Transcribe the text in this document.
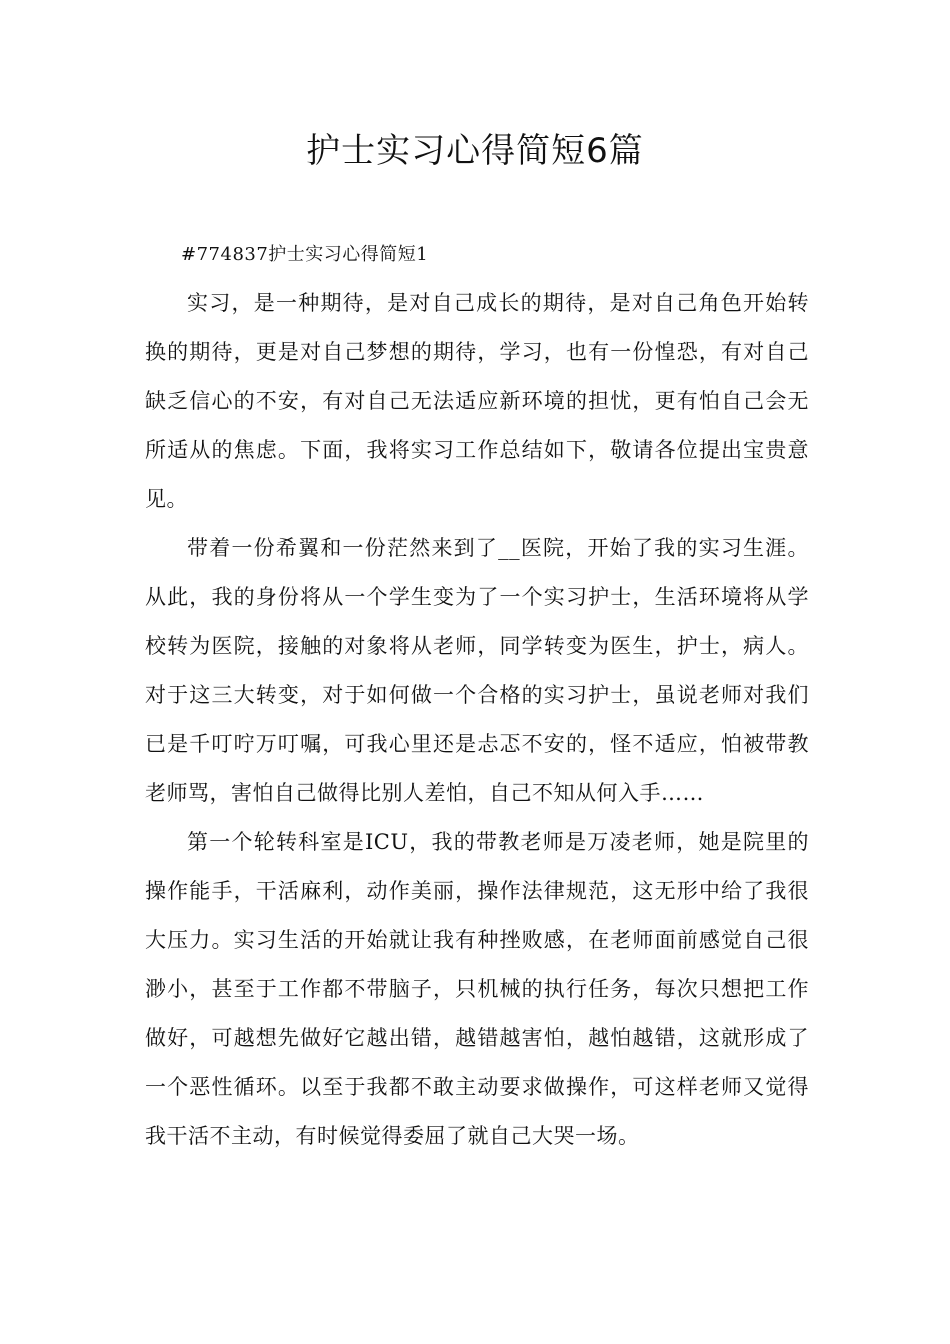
护士实习心得简短6篇

#774837护士实习心得简短1

实习，是一种期待，是对自己成长的期待，是对自己角色开始转换的期待，更是对自己梦想的期待，学习，也有一份惶恐，有对自己缺乏信心的不安，有对自己无法适应新环境的担忧，更有怕自己会无所适从的焦虑。下面，我将实习工作总结如下，敬请各位提出宝贵意见。

带着一份希翼和一份茫然来到了__医院，开始了我的实习生涯。从此，我的身份将从一个学生变为了一个实习护士，生活环境将从学校转为医院，接触的对象将从老师，同学转变为医生，护士，病人。对于这三大转变，对于如何做一个合格的实习护士，虽说老师对我们已是千叮咛万叮嘱，可我心里还是忐忑不安的，怪不适应，怕被带教老师骂，害怕自己做得比别人差怕，自己不知从何入手……

第一个轮转科室是ICU，我的带教老师是万凌老师，她是院里的操作能手，干活麻利，动作美丽，操作法律规范，这无形中给了我很大压力。实习生活的开始就让我有种挫败感，在老师面前感觉自己很渺小，甚至于工作都不带脑子，只机械的执行任务，每次只想把工作做好，可越想先做好它越出错，越错越害怕，越怕越错，这就形成了一个恶性循环。以至于我都不敢主动要求做操作，可这样老师又觉得我干活不主动，有时候觉得委屈了就自己大哭一场。
